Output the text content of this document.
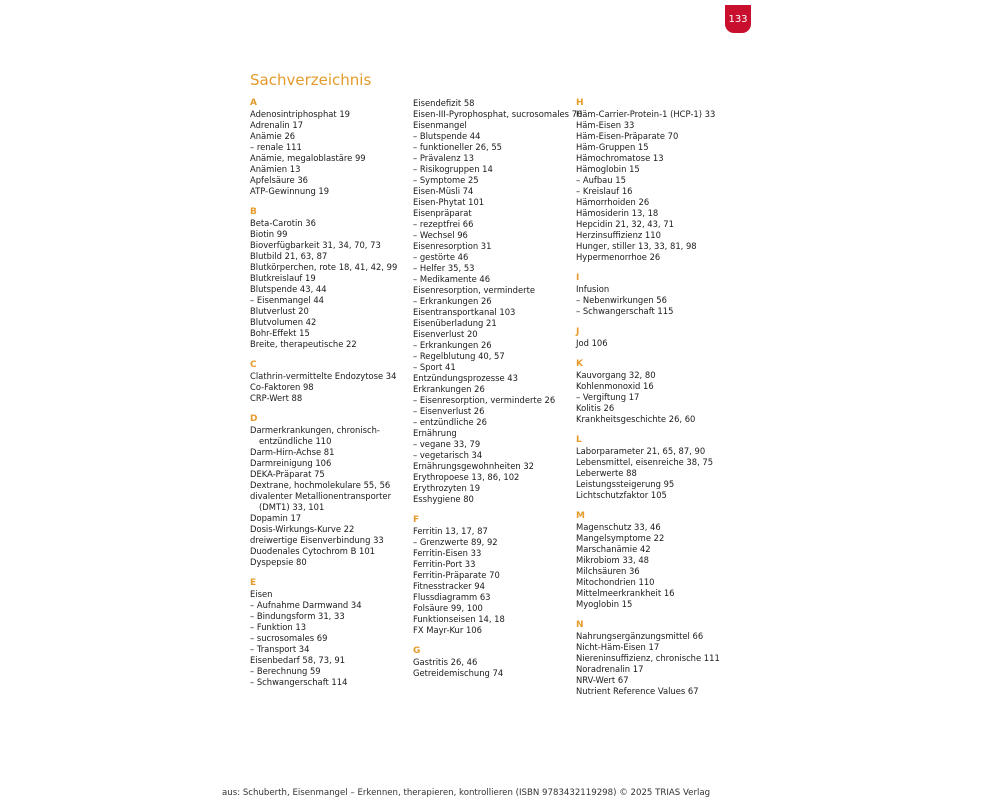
133
Sachverzeichnis
A
Adenosintriphosphat 19
Adrenalin 17
Anämie 26
– renale 111
Anämie, megaloblastäre 99
Anämien 13
Apfelsäure 36
ATP-Gewinnung 19
B
Beta-Carotin 36
Biotin 99
Bioverfügbarkeit 31, 34, 70, 73
Blutbild 21, 63, 87
Blutkörperchen, rote 18, 41, 42, 99
Blutkreislauf 19
Blutspende 43, 44
– Eisenmangel 44
Blutverlust 20
Blutvolumen 42
Bohr-Effekt 15
Breite, therapeutische 22
C
Clathrin-vermittelte Endozytose 34
Co-Faktoren 98
CRP-Wert 88
D
Darmerkrankungen, chronisch-entzündliche 110
Darm-Hirn-Achse 81
Darmreinigung 106
DEKA-Präparat 75
Dextrane, hochmolekulare 55, 56
divalenter Metallionentransporter (DMT1) 33, 101
Dopamin 17
Dosis-Wirkungs-Kurve 22
dreiwertige Eisenverbindung 33
Duodenales Cytochrom B 101
Dyspepsie 80
E
Eisen
– Aufnahme Darmwand 34
– Bindungsform 31, 33
– Funktion 13
– sucrosomales 69
– Transport 34
Eisenbedarf 58, 73, 91
– Berechnung 59
– Schwangerschaft 114
Eisendefizit 58
Eisen-III-Pyrophosphat, sucrosomales 70
Eisenmangel
– Blutspende 44
– funktioneller 26, 55
– Prävalenz 13
– Risikogruppen 14
– Symptome 25
Eisen-Müsli 74
Eisen-Phytat 101
Eisenpräparat
– rezeptfrei 66
– Wechsel 96
Eisenresorption 31
– gestörte 46
– Helfer 35, 53
– Medikamente 46
Eisenresorption, verminderte
– Erkrankungen 26
Eisentransportkanal 103
Eisenüberladung 21
Eisenverlust 20
– Erkrankungen 26
– Regelblutung 40, 57
– Sport 41
Entzündungsprozesse 43
Erkrankungen 26
– Eisenresorption, verminderte 26
– Eisenverlust 26
– entzündliche 26
Ernährung
– vegane 33, 79
– vegetarisch 34
Ernährungsgewohnheiten 32
Erythropoese 13, 86, 102
Erythrozyten 19
Esshygiene 80
F
Ferritin 13, 17, 87
– Grenzwerte 89, 92
Ferritin-Eisen 33
Ferritin-Port 33
Ferritin-Präparate 70
Fitnesstracker 94
Flussdiagramm 63
Folsäure 99, 100
Funktionseisen 14, 18
FX Mayr-Kur 106
G
Gastritis 26, 46
Getreidemischung 74
H
Häm-Carrier-Protein-1 (HCP-1) 33
Häm-Eisen 33
Häm-Eisen-Präparate 70
Häm-Gruppen 15
Hämochromatose 13
Hämoglobin 15
– Aufbau 15
– Kreislauf 16
Hämorrhoiden 26
Hämosiderin 13, 18
Hepcidin 21, 32, 43, 71
Herzinsuffizienz 110
Hunger, stiller 13, 33, 81, 98
Hypermenorrhoe 26
I
Infusion
– Nebenwirkungen 56
– Schwangerschaft 115
J
Jod 106
K
Kauvorgang 32, 80
Kohlenmonoxid 16
– Vergiftung 17
Kolitis 26
Krankheitsgeschichte 26, 60
L
Laborparameter 21, 65, 87, 90
Lebensmittel, eisenreiche 38, 75
Leberwerte 88
Leistungssteigerung 95
Lichtschutzfaktor 105
M
Magenschutz 33, 46
Mangelsymptome 22
Marschanämie 42
Mikrobiom 33, 48
Milchsäuren 36
Mitochondrien 110
Mittelmeerkrankheit 16
Myoglobin 15
N
Nahrungsergänzungsmittel 66
Nicht-Häm-Eisen 17
Niereninsuffizienz, chronische 111
Noradrenalin 17
NRV-Wert 67
Nutrient Reference Values 67
aus: Schuberth, Eisenmangel – Erkennen, therapieren, kontrollieren (ISBN 9783432119298) © 2025 TRIAS Verlag
